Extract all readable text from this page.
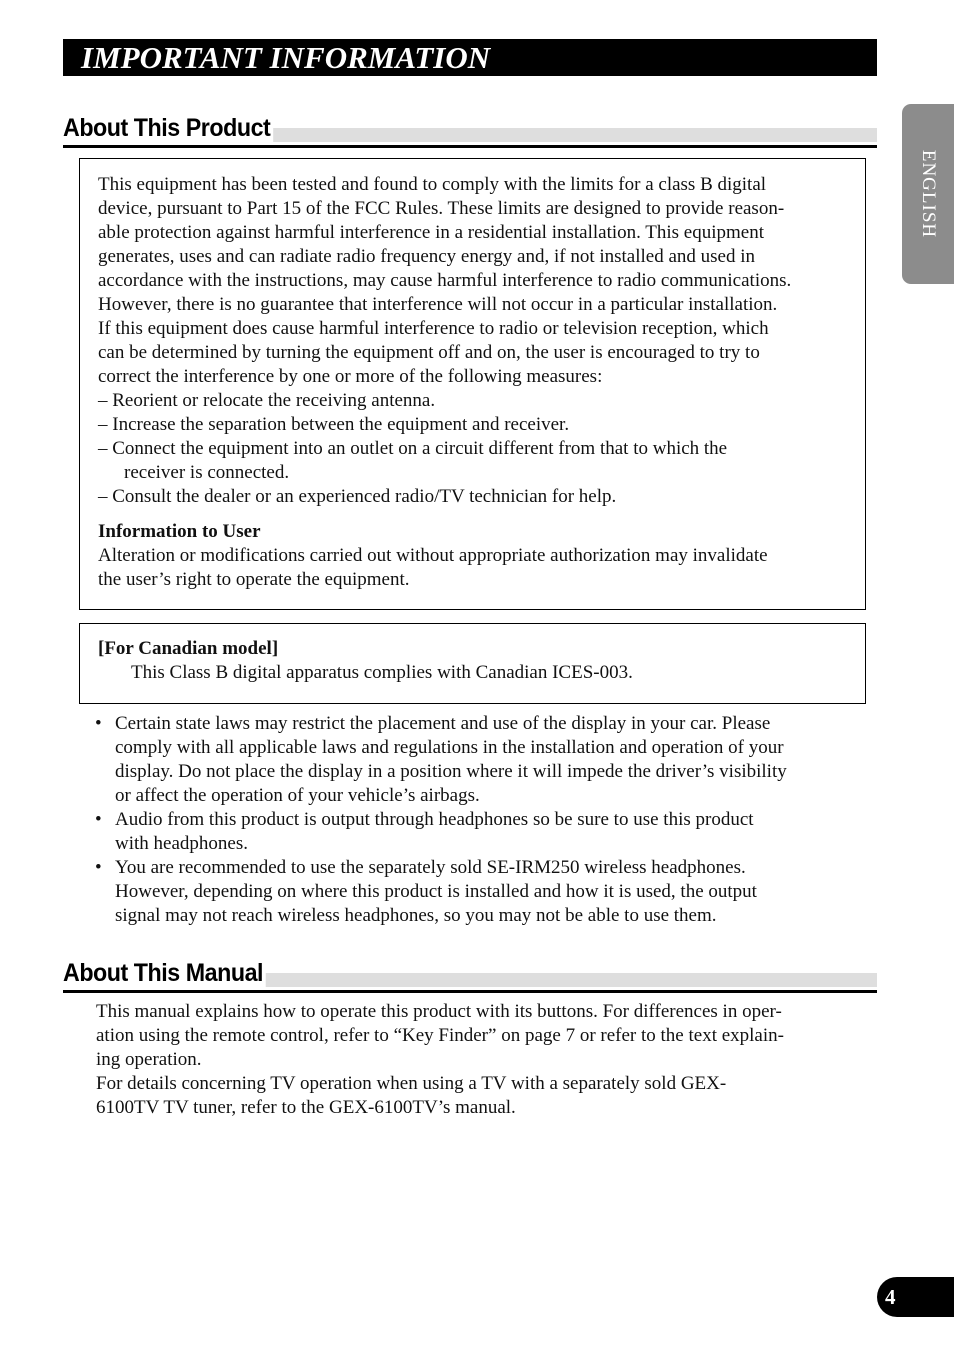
IMPORTANT INFORMATION
ENGLISH
About This Product
This equipment has been tested and found to comply with the limits for a class B digital
device, pursuant to Part 15 of the FCC Rules. These limits are designed to provide reason-
able protection against harmful interference in a residential installation. This equipment
generates, uses and can radiate radio frequency energy and, if not installed and used in
accordance with the instructions, may cause harmful interference to radio communications.
However, there is no guarantee that interference will not occur in a particular installation.
If this equipment does cause harmful interference to radio or television reception, which
can be determined by turning the equipment off and on, the user is encouraged to try to
correct the interference by one or more of the following measures:
– Reorient or relocate the receiving antenna.
– Increase the separation between the equipment and receiver.
– Connect the equipment into an outlet on a circuit different from that to which the
receiver is connected.
– Consult the dealer or an experienced radio/TV technician for help.
Information to User
Alteration or modifications carried out without appropriate authorization may invalidate
the user’s right to operate the equipment.
[For Canadian model]
This Class B digital apparatus complies with Canadian ICES-003.
• Certain state laws may restrict the placement and use of the display in your car. Please
comply with all applicable laws and regulations in the installation and operation of your
display. Do not place the display in a position where it will impede the driver’s visibility
or affect the operation of your vehicle’s airbags.
• Audio from this product is output through headphones so be sure to use this product
with headphones.
• You are recommended to use the separately sold SE-IRM250 wireless headphones.
However, depending on where this product is installed and how it is used, the output
signal may not reach wireless headphones, so you may not be able to use them.
About This Manual
This manual explains how to operate this product with its buttons. For differences in oper-
ation using the remote control, refer to “Key Finder” on page 7 or refer to the text explain-
ing operation.
For details concerning TV operation when using a TV with a separately sold GEX-
6100TV TV tuner, refer to the GEX-6100TV’s manual.
4
